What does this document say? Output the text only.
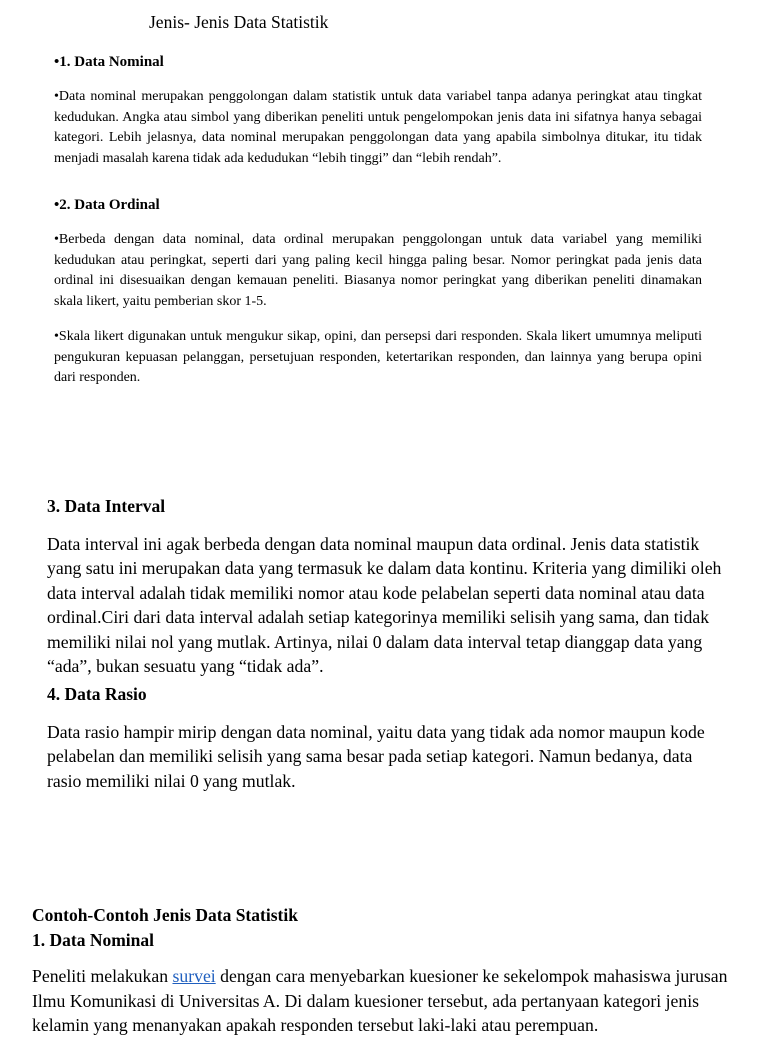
Jenis- Jenis Data Statistik
•1. Data Nominal
•Data nominal merupakan penggolongan dalam statistik untuk data variabel tanpa adanya peringkat atau tingkat kedudukan. Angka atau simbol yang diberikan peneliti untuk pengelompokan jenis data ini sifatnya hanya sebagai kategori. Lebih jelasnya, data nominal merupakan penggolongan data yang apabila simbolnya ditukar, itu tidak menjadi masalah karena tidak ada kedudukan “lebih tinggi” dan “lebih rendah”.
•2. Data Ordinal
•Berbeda dengan data nominal, data ordinal merupakan penggolongan untuk data variabel yang memiliki kedudukan atau peringkat, seperti dari yang paling kecil hingga paling besar. Nomor peringkat pada jenis data ordinal ini disesuaikan dengan kemauan peneliti. Biasanya nomor peringkat yang diberikan peneliti dinamakan skala likert, yaitu pemberian skor 1-5.
•Skala likert digunakan untuk mengukur sikap, opini, dan persepsi dari responden. Skala likert umumnya meliputi pengukuran kepuasan pelanggan, persetujuan responden, ketertarikan responden, dan lainnya yang berupa opini dari responden.
3. Data Interval
Data interval ini agak berbeda dengan data nominal maupun data ordinal. Jenis data statistik yang satu ini merupakan data yang termasuk ke dalam data kontinu. Kriteria yang dimiliki oleh data interval adalah tidak memiliki nomor atau kode pelabelan seperti data nominal atau data ordinal.Ciri dari data interval adalah setiap kategorinya memiliki selisih yang sama, dan tidak memiliki nilai nol yang mutlak. Artinya, nilai 0 dalam data interval tetap dianggap data yang “ada”, bukan sesuatu yang “tidak ada”.
4. Data Rasio
Data rasio hampir mirip dengan data nominal, yaitu data yang tidak ada nomor maupun kode pelabelan dan memiliki selisih yang sama besar pada setiap kategori. Namun bedanya, data rasio memiliki nilai 0 yang mutlak.
Contoh-Contoh Jenis Data Statistik
1. Data Nominal
Peneliti melakukan survei dengan cara menyebarkan kuesioner ke sekelompok mahasiswa jurusan Ilmu Komunikasi di Universitas A. Di dalam kuesioner tersebut, ada pertanyaan kategori jenis kelamin yang menanyakan apakah responden tersebut laki-laki atau perempuan.
